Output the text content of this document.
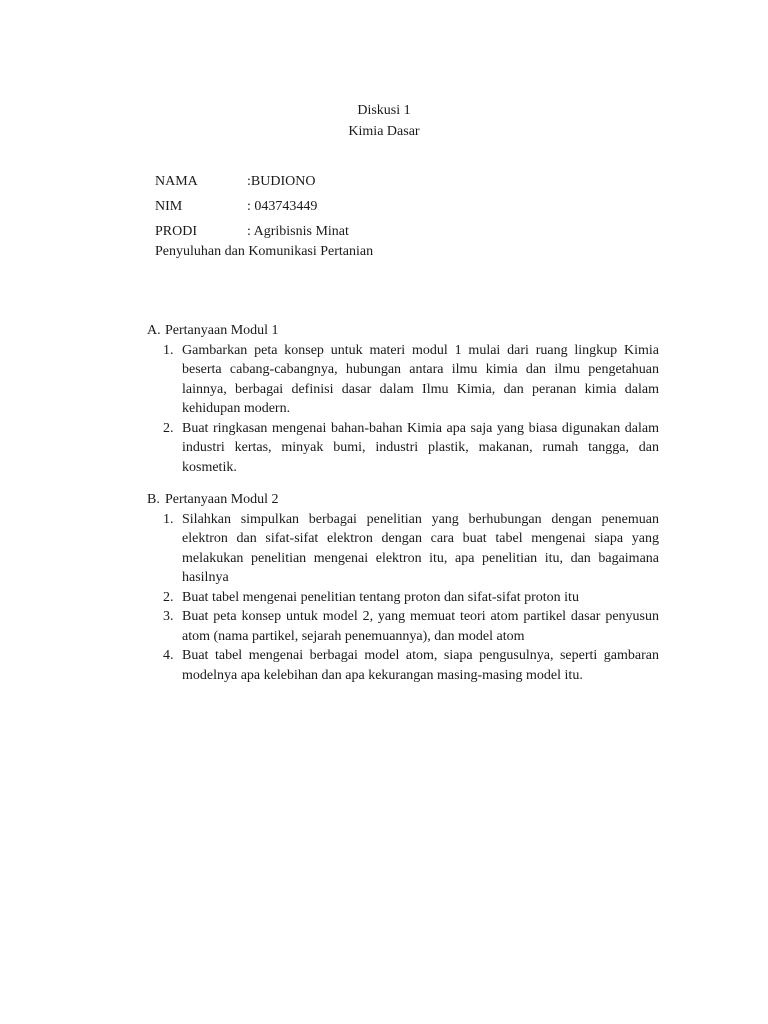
Diskusi 1
Kimia Dasar
NAMA	:BUDIONO
NIM	: 043743449
PRODI	: Agribisnis Minat
Penyuluhan dan Komunikasi Pertanian
A. Pertanyaan Modul 1
1. Gambarkan peta konsep untuk materi modul 1 mulai dari ruang lingkup Kimia beserta cabang-cabangnya, hubungan antara ilmu kimia dan ilmu pengetahuan lainnya, berbagai definisi dasar dalam Ilmu Kimia, dan peranan kimia dalam kehidupan modern.
2. Buat ringkasan mengenai bahan-bahan Kimia apa saja yang biasa digunakan dalam industri kertas, minyak bumi, industri plastik, makanan, rumah tangga, dan kosmetik.
B. Pertanyaan Modul 2
1. Silahkan simpulkan berbagai penelitian yang berhubungan dengan penemuan elektron dan sifat-sifat elektron dengan cara buat tabel mengenai siapa yang melakukan penelitian mengenai elektron itu, apa penelitian itu, dan bagaimana hasilnya
2. Buat tabel mengenai penelitian tentang proton dan sifat-sifat proton itu
3. Buat peta konsep untuk model 2, yang memuat teori atom partikel dasar penyusun atom (nama partikel, sejarah penemuannya), dan model atom
4. Buat tabel mengenai berbagai model atom, siapa pengusulnya, seperti gambaran modelnya apa kelebihan dan apa kekurangan masing-masing model itu.
